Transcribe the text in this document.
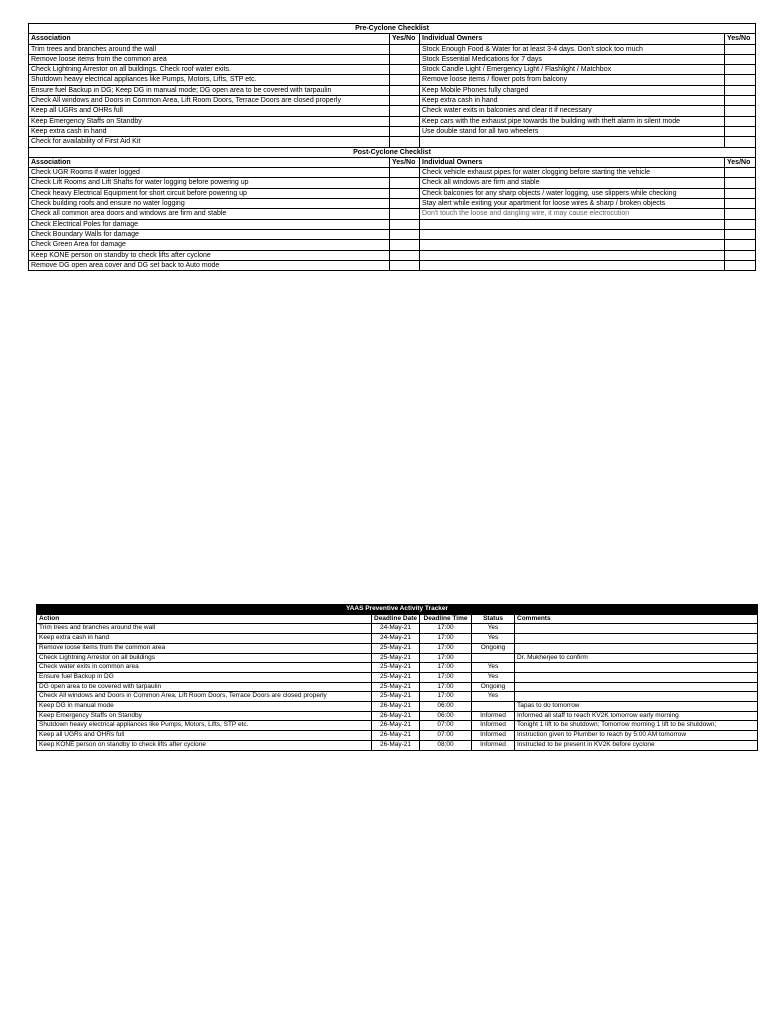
Pre-Cyclone Checklist			
Association	Yes/No	Individual Owners	Yes/No
Trim trees and branches around the wall		Stock Enough Food & Water for at least 3-4 days. Don't stock too much	
Remove loose items from the common area		Stock Essential Medications for 7 days	
Check Lightning Arrestor on all buildings. Check roof water exits.		Stock Candle Light / Emergency Light / Flashlight / Matchbox	
Shutdown heavy electrical appliances like Pumps, Motors, Lifts, STP etc.		Remove loose items / flower pots from balcony	
Ensure fuel Backup in DG; Keep DG in manual mode; DG open area to be covered with tarpaulin		Keep Mobile Phones fully charged	
Check All windows and Doors in Common Area, Lift Room Doors, Terrace Doors are closed properly		Keep extra cash in hand	
Keep all UGRs and OHRs full		Check water exits in balconies and clear it if necessary	
Keep Emergency Staffs on Standby		Keep cars with the exhaust pipe towards the building with theft alarm in silent mode	
Keep extra cash in hand		Use double stand for all two wheelers	
Check for availability of First Aid Kit			
Post-Cyclone Checklist			
Association	Yes/No	Individual Owners	Yes/No
Check UGR Rooms if water logged		Check vehicle exhaust pipes for water clogging before starting the vehicle	
Check Lift Rooms and Lift Shafts for water logging before powering up		Check all windows are firm and stable	
Check heavy Electrical Equipment for short circuit before powering up		Check balconies for any sharp objects / water logging, use slippers while checking	
Check building roofs and ensure no water logging		Stay alert while exiting your apartment for loose wires & sharp / broken objects	
Check all common area doors and windows are firm and stable		Don't touch the loose and dangling wire, it may cause electrocution	
Check Electrical Poles for damage			
Check Boundary Walls for damage			
Check Green Area for damage			
Keep KONE person on standby to check lifts after cyclone			
Remove DG open area cover and DG set back to Auto mode			
YAAS Preventive Activity Tracker				
Action	Deadline Date	Deadline Time	Status	Comments
Trim trees and branches around the wall	24-May-21	17:00	Yes	
Keep extra cash in hand	24-May-21	17:00	Yes	
Remove loose items from the common area	25-May-21	17:00	Ongoing	
Check Lightning Arrestor on all buildings	25-May-21	17:00		Dr. Mukherjee to confirm
Check water exits in common area	25-May-21	17:00	Yes	
Ensure fuel Backup in DG	25-May-21	17:00	Yes	
DG open area to be covered with tarpaulin	25-May-21	17:00	Ongoing	
Check All windows and Doors in Common Area, Lift Room Doors, Terrace Doors are closed properly	25-May-21	17:00	Yes	
Keep DG in manual mode	26-May-21	06:00		Tapas to do tomorrow
Keep Emergency Staffs on Standby	26-May-21	06:00	Informed	Informed all staff to reach KV2K tomorrow early morning
Shutdown heavy electrical appliances like Pumps, Motors, Lifts, STP etc.	26-May-21	07:00	Informed	Tonight 1 lift to be shutdown; Tomorrow morning 1 lift to be shutdown;
Keep all UGRs and OHRs full	26-May-21	07:00	Informed	Instruction given to Plumber to reach by 5:00 AM tomorrow
Keep KONE person on standby to check lifts after cyclone	26-May-21	08:00	Informed	Instructed to be present in KV2K before cyclone
